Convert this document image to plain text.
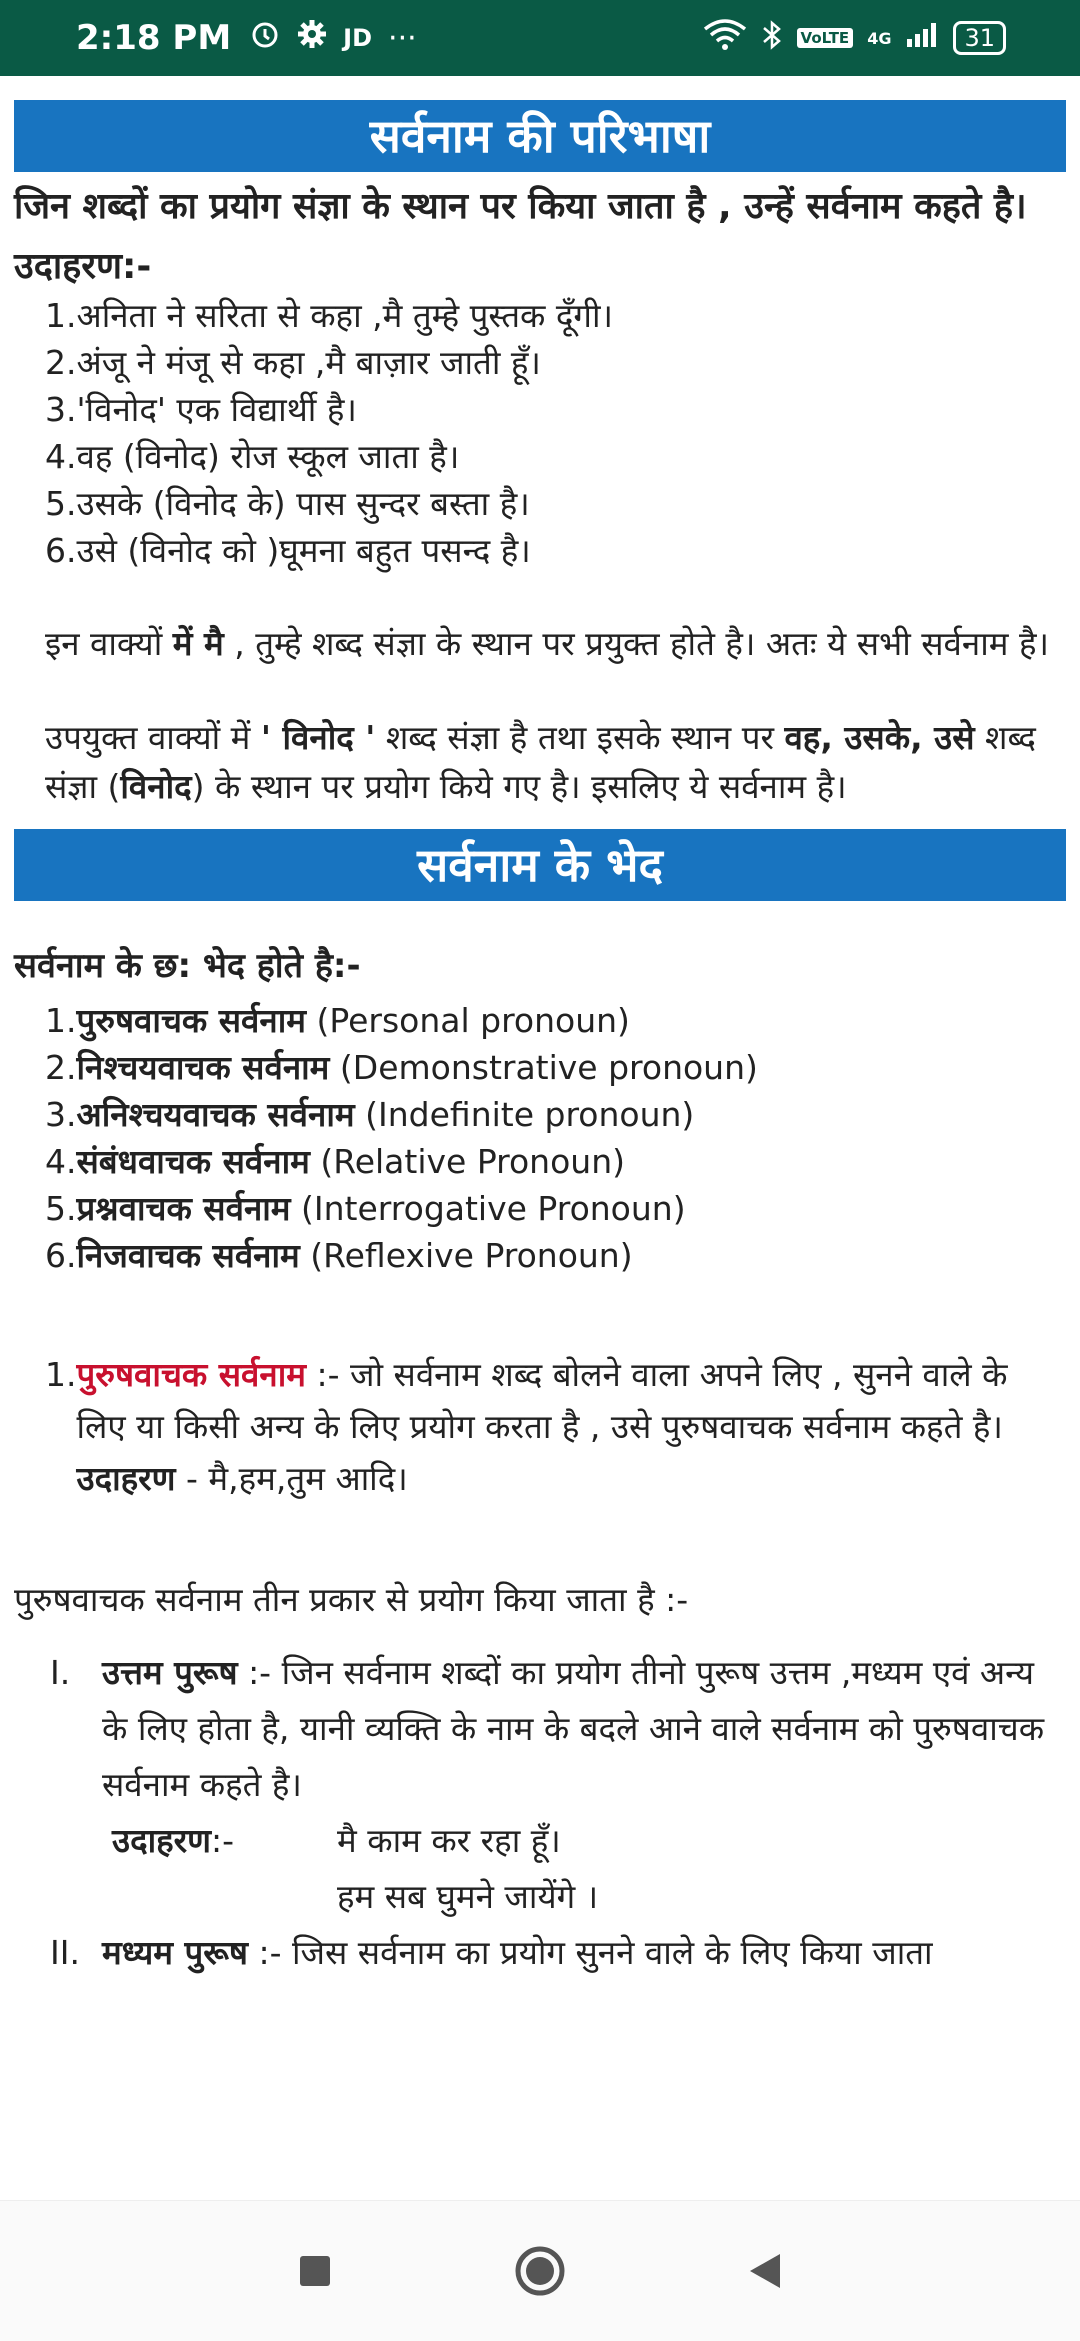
2:18 PM	JD ···	VoLTE 4G	31
सर्वनाम की परिभाषा
जिन शब्दों का प्रयोग संज्ञा के स्थान पर किया जाता है , उन्हें सर्वनाम कहते है।
उदाहरण:-
1.अनिता ने सरिता से कहा ,मै तुम्हे पुस्तक दूँगी।
2.अंजू ने मंजू से कहा ,मै बाज़ार जाती हूँ।
3.'विनोद' एक विद्यार्थी है।
4.वह (विनोद) रोज स्कूल जाता है।
5.उसके (विनोद के) पास सुन्दर बस्ता है।
6.उसे (विनोद को )घूमना बहुत पसन्द है।
इन वाक्यों में मै , तुम्हे शब्द संज्ञा के स्थान पर प्रयुक्त होते है। अतः ये सभी सर्वनाम है।
उपयुक्त वाक्यों में ' विनोद ' शब्द संज्ञा है तथा इसके स्थान पर वह, उसके, उसे शब्द संज्ञा (विनोद) के स्थान पर प्रयोग किये गए है। इसलिए ये सर्वनाम है।
सर्वनाम के भेद
सर्वनाम के छ: भेद होते है:-
1.पुरुषवाचक सर्वनाम (Personal pronoun)
2.निश्चयवाचक सर्वनाम (Demonstrative pronoun)
3.अनिश्चयवाचक सर्वनाम (Indefinite pronoun)
4.संबंधवाचक सर्वनाम (Relative Pronoun)
5.प्रश्नवाचक सर्वनाम (Interrogative Pronoun)
6.निजवाचक सर्वनाम (Reflexive Pronoun)
1. पुरुषवाचक सर्वनाम :- जो सर्वनाम शब्द बोलने वाला अपने लिए , सुनने वाले के लिए या किसी अन्य के लिए प्रयोग करता है , उसे पुरुषवाचक सर्वनाम कहते है।
उदाहरण - मै,हम,तुम आदि।
पुरुषवाचक सर्वनाम तीन प्रकार से प्रयोग किया जाता है :-
I. उत्तम पुरूष :- जिन सर्वनाम शब्दों का प्रयोग तीनो पुरूष उत्तम ,मध्यम एवं अन्य के लिए होता है, यानी व्यक्ति के नाम के बदले आने वाले सर्वनाम को पुरुषवाचक सर्वनाम कहते है।
उदाहरण:-	मै काम कर रहा हूँ।
हम सब घुमने जायेंगे ।
II. मध्यम पुरूष :- जिस सर्वनाम का प्रयोग सुनने वाले के लिए किया जाता
